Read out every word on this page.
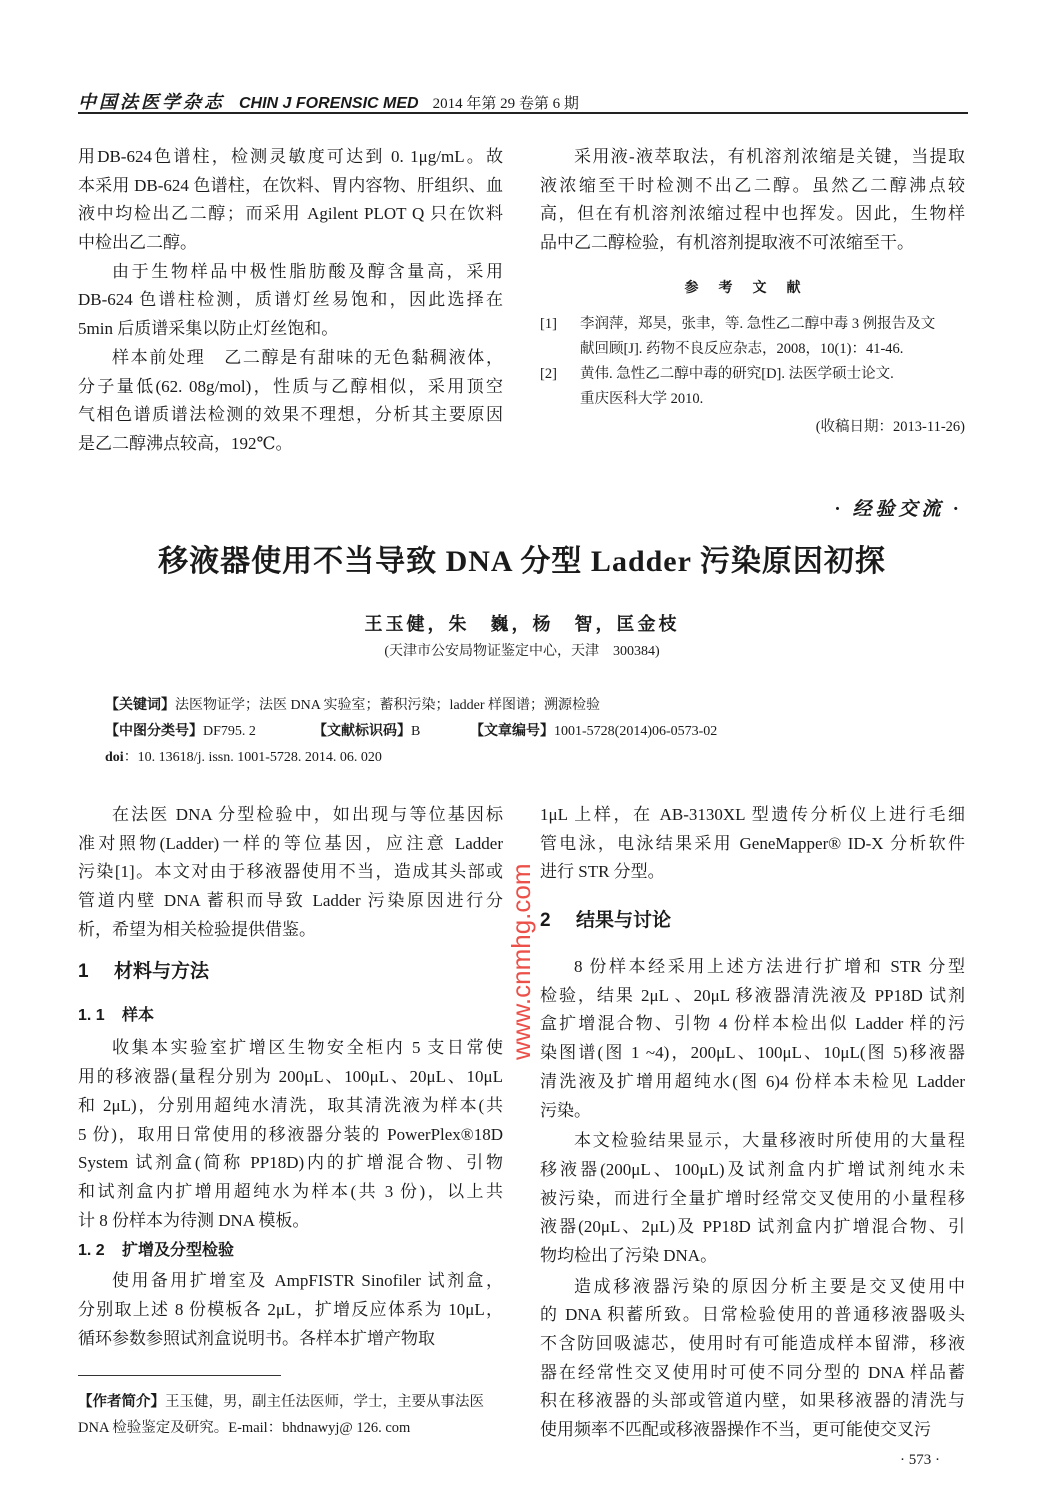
中国法医学杂志 CHIN J FORENSIC MED 2014 年第 29 卷第 6 期
用DB-624色谱柱，检测灵敏度可达到 0. 1μg/mL。故
本采用 DB-624 色谱柱，在饮料、胃内容物、肝组织、血
液中均检出乙二醇；而采用 Agilent PLOT Q 只在饮料
中检出乙二醇。
由于生物样品中极性脂肪酸及醇含量高，采用
DB-624 色谱柱检测，质谱灯丝易饱和，因此选择在
5min 后质谱采集以防止灯丝饱和。
样本前处理　乙二醇是有甜味的无色黏稠液体，
分子量低(62. 08g/mol)，性质与乙醇相似，采用顶空
气相色谱质谱法检测的效果不理想，分析其主要原因
是乙二醇沸点较高，192℃。
采用液-液萃取法，有机溶剂浓缩是关键，当提取
液浓缩至干时检测不出乙二醇。虽然乙二醇沸点较
高，但在有机溶剂浓缩过程中也挥发。因此，生物样
品中乙二醇检验，有机溶剂提取液不可浓缩至干。
参考文献
[1]	李润萍，郑昊，张聿，等. 急性乙二醇中毒 3 例报告及文
献回顾[J]. 药物不良反应杂志，2008，10(1)：41-46.
[2]	黄伟. 急性乙二醇中毒的研究[D]. 法医学硕士论文.
重庆医科大学 2010.
(收稿日期：2013-11-26)
· 经验交流 ·
移液器使用不当导致 DNA 分型 Ladder 污染原因初探
王玉健，朱　巍，杨　智，匡金枝
(天津市公安局物证鉴定中心，天津　300384)
【关键词】法医物证学；法医 DNA 实验室；蓄积污染；ladder 样图谱；溯源检验
【中图分类号】DF795. 2	【文献标识码】B	【文章编号】1001-5728(2014)06-0573-02
doi：10. 13618/j. issn. 1001-5728. 2014. 06. 020
在法医 DNA 分型检验中，如出现与等位基因标
准对照物(Ladder)一样的等位基因，应注意 Ladder
污染[1]。本文对由于移液器使用不当，造成其头部或
管道内壁 DNA 蓄积而导致 Ladder 污染原因进行分
析，希望为相关检验提供借鉴。
1 材料与方法
1. 1 样本
收集本实验室扩增区生物安全柜内 5 支日常使
用的移液器(量程分别为 200μL、100μL、20μL、10μL
和 2μL)，分别用超纯水清洗，取其清洗液为样本(共
5 份)，取用日常使用的移液器分装的 PowerPlex®18D
System 试剂盒(简称 PP18D)内的扩增混合物、引物
和试剂盒内扩增用超纯水为样本(共 3 份)，以上共
计 8 份样本为待测 DNA 模板。
1. 2 扩增及分型检验
使用备用扩增室及 AmpFISTR Sinofiler 试剂盒，
分别取上述 8 份模板各 2μL，扩增反应体系为 10μL，
循环参数参照试剂盒说明书。各样本扩增产物取
1μL 上样，在 AB-3130XL 型遗传分析仪上进行毛细
管电泳，电泳结果采用 GeneMapper® ID-X 分析软件
进行 STR 分型。
2 结果与讨论
8 份样本经采用上述方法进行扩增和 STR 分型
检验，结果 2μL 、20μL 移液器清洗液及 PP18D 试剂
盒扩增混合物、引物 4 份样本检出似 Ladder 样的污
染图谱(图 1 ~4)，200μL、100μL、10μL(图 5)移液器
清洗液及扩增用超纯水(图 6)4 份样本未检见 Ladder
污染。
本文检验结果显示，大量移液时所使用的大量程
移液器(200μL、100μL)及试剂盒内扩增试剂纯水未
被污染，而进行全量扩增时经常交叉使用的小量程移
液器(20μL、2μL)及 PP18D 试剂盒内扩增混合物、引
物均检出了污染 DNA。
造成移液器污染的原因分析主要是交叉使用中
的 DNA 积蓄所致。日常检验使用的普通移液器吸头
不含防回吸滤芯，使用时有可能造成样本留滞，移液
器在经常性交叉使用时可使不同分型的 DNA 样品蓄
积在移液器的头部或管道内壁，如果移液器的清洗与
使用频率不匹配或移液器操作不当，更可能使交叉污
【作者简介】王玉健，男，副主任法医师，学士，主要从事法医
DNA 检验鉴定及研究。E-mail：bhdnawyj@ 126. com
· 573 ·
www.cnmhg.com
